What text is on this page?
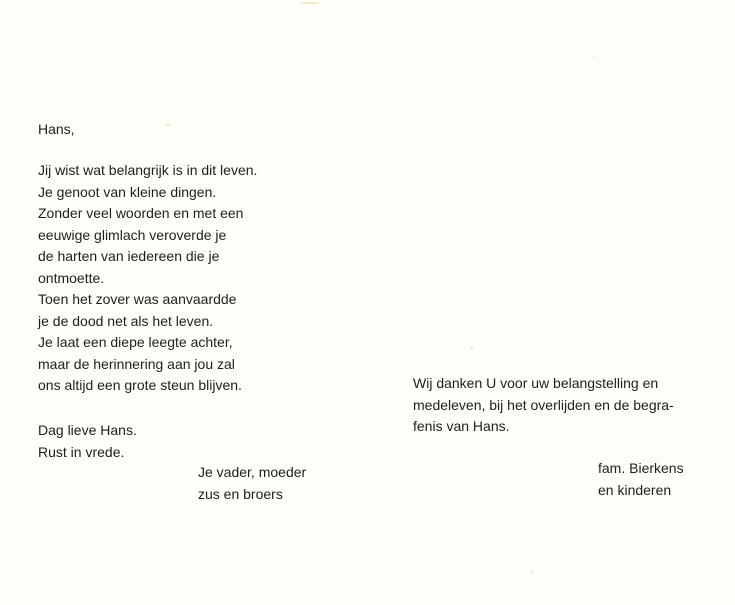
Hans,
Jij wist wat belangrijk is in dit leven.
Je genoot van kleine dingen.
Zonder veel woorden en met een
eeuwige glimlach veroverde je
de harten van iedereen die je
ontmoette.
Toen het zover was aanvaardde
je de dood net als het leven.
Je laat een diepe leegte achter,
maar de herinnering aan jou zal
ons altijd een grote steun blijven.
Dag lieve Hans.
Rust in vrede.
Je vader, moeder
zus en broers
Wij danken U voor uw belangstelling en
medeleven, bij het overlijden en de begra-
fenis van Hans.
fam. Bierkens
en kinderen
